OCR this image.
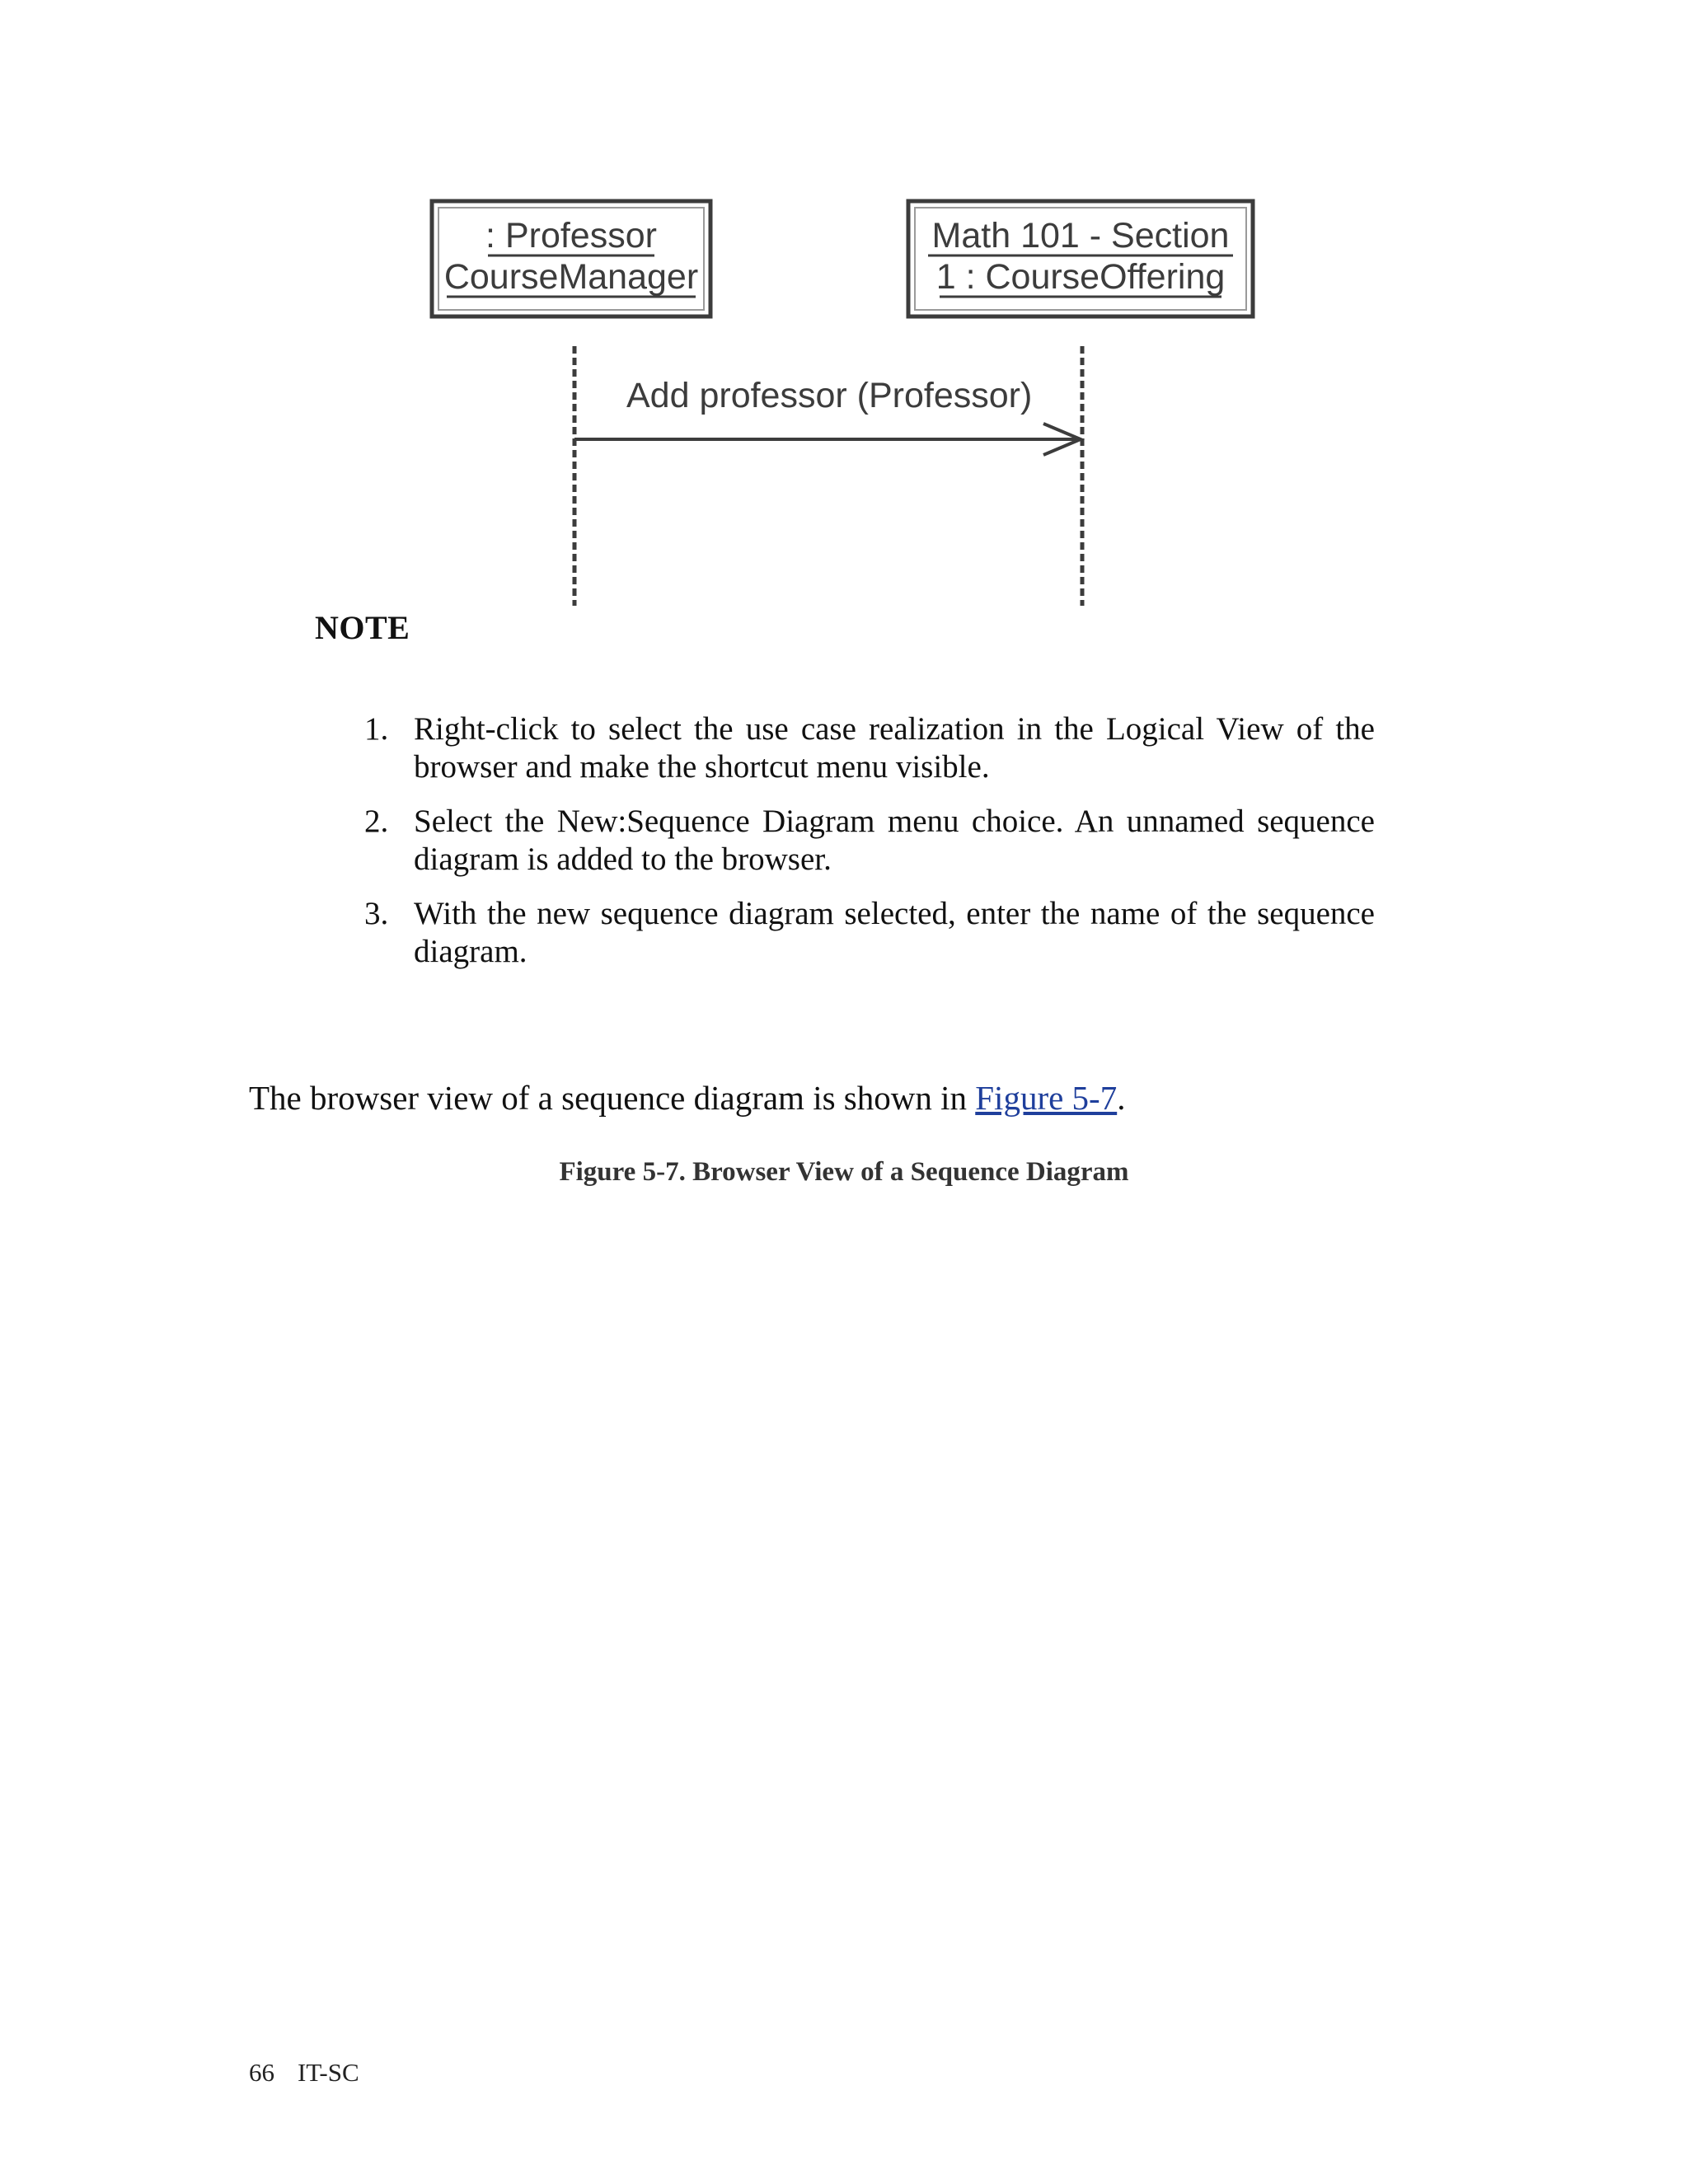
: Professor
CourseManager
Math 101 - Section
1 : CourseOffering
Add professor (Professor)
NOTE
1. Right-click to select the use case realization in the Logical View of the browser and make the shortcut menu visible.
2. Select the New:Sequence Diagram menu choice. An unnamed sequence diagram is added to the browser.
3. With the new sequence diagram selected, enter the name of the sequence diagram.

The browser view of a sequence diagram is shown in Figure 5-7.

Figure 5-7. Browser View of a Sequence Diagram
66 IT-SC
